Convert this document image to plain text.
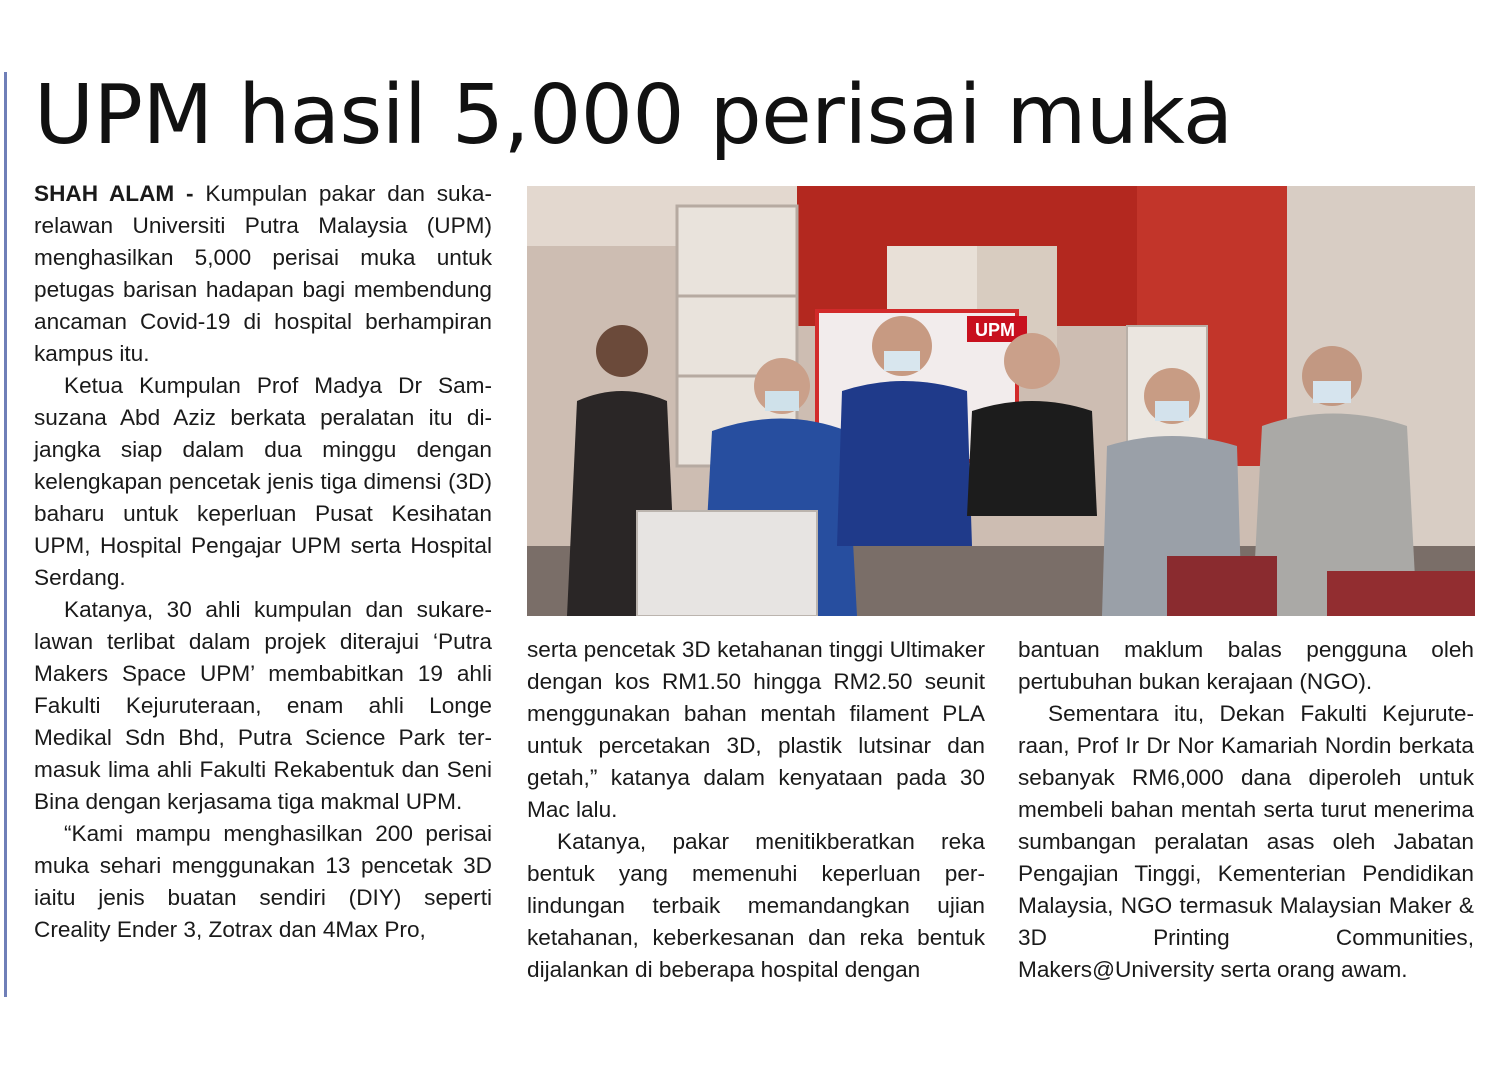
UPM hasil 5,000 perisai muka

SHAH ALAM - Kumpulan pakar dan sukarelawan Universiti Putra Malaysia (UPM) menghasilkan 5,000 perisai muka untuk petugas barisan hadapan bagi membendung ancaman Covid-19 di hospital berhampiran kampus itu.

Ketua Kumpulan Prof Madya Dr Samsuzana Abd Aziz berkata peralatan itu dijangka siap dalam dua minggu dengan kelengkapan pencetak jenis tiga dimensi (3D) baharu untuk keperluan Pusat Kesihatan UPM, Hospital Pengajar UPM serta Hospital Serdang.

Katanya, 30 ahli kumpulan dan sukarelawan terlibat dalam projek diterajui ‘Putra Makers Space UPM’ membabitkan 19 ahli Fakulti Kejuruteraan, enam ahli Longe Medikal Sdn Bhd, Putra Science Park termasuk lima ahli Fakulti Rekabentuk dan Seni Bina dengan kerjasama tiga makmal UPM.

“Kami mampu menghasilkan 200 perisai muka sehari menggunakan 13 pencetak 3D iaitu jenis buatan sendiri (DIY) seperti Creality Ender 3, Zotrax dan 4Max Pro,

UPM

serta pencetak 3D ketahanan tinggi Ultimaker dengan kos RM1.50 hingga RM2.50 seunit menggunakan bahan mentah filament PLA untuk percetakan 3D, plastik lutsinar dan getah,” katanya dalam kenyataan pada 30 Mac lalu.

Katanya, pakar menitikberatkan reka bentuk yang memenuhi keperluan perlindungan terbaik memandangkan ujian ketahanan, keberkesanan dan reka bentuk dijalankan di beberapa hospital dengan

bantuan maklum balas pengguna oleh pertubuhan bukan kerajaan (NGO).

Sementara itu, Dekan Fakulti Kejuruteraan, Prof Ir Dr Nor Kamariah Nordin berkata sebanyak RM6,000 dana diperoleh untuk membeli bahan mentah serta turut menerima sumbangan peralatan asas oleh Jabatan Pengajian Tinggi, Kementerian Pendidikan Malaysia, NGO termasuk Malaysian Maker & 3D Printing Communities, Makers@University serta orang awam.
